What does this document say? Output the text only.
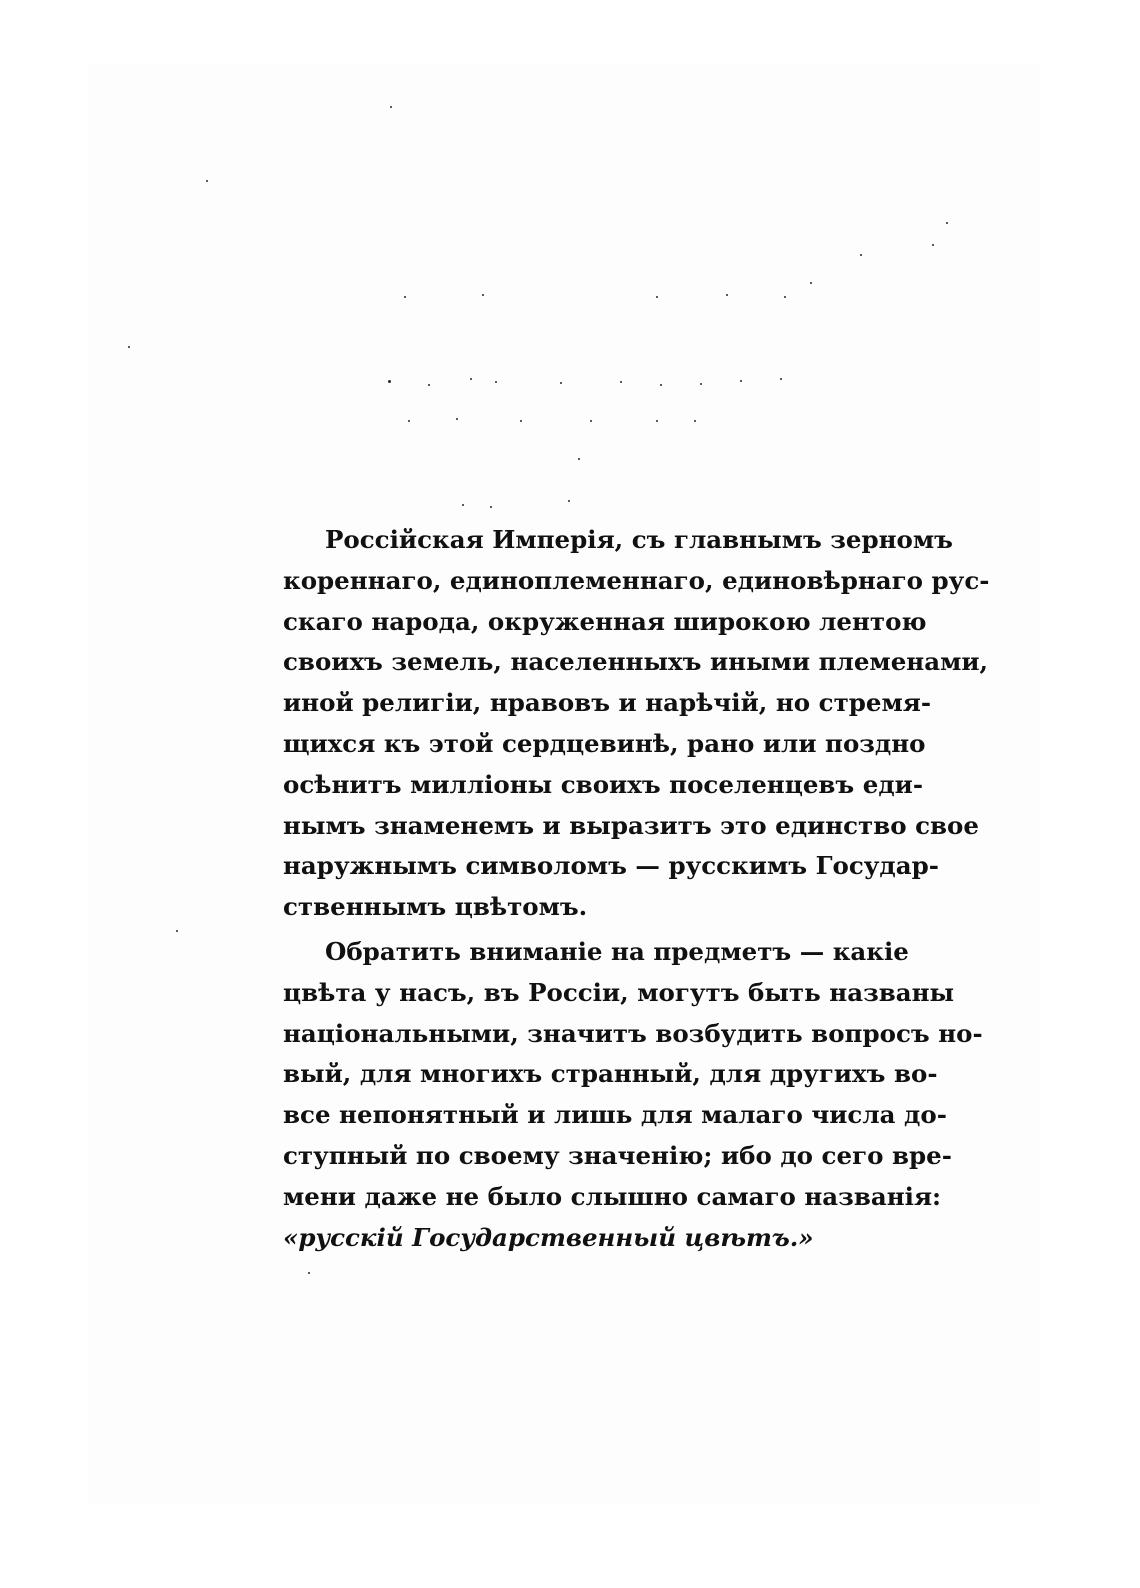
Россійская Имперія, съ главнымъ зерномъ
кореннаго, единоплеменнаго, единовѣрнаго рус-
скаго народа, окруженная широкою лентою
своихъ земель, населенныхъ иными племенами,
иной религіи, нравовъ и нарѣчій, но стремя-
щихся къ этой сердцевинѣ, рано или поздно
осѣнитъ милліоны своихъ поселенцевъ еди-
нымъ знаменемъ и выразитъ это единство свое
наружнымъ символомъ — русскимъ Государ-
ственнымъ цвѣтомъ.

Обратить вниманіе на предметъ — какіе
цвѣта у насъ, въ Россіи, могутъ быть названы
національными, значитъ возбудить вопросъ но-
вый, для многихъ странный, для другихъ во-
все непонятный и лишь для малаго числа до-
ступный по своему значенію; ибо до сего вре-
мени даже не было слышно самаго названія:
«русскій Государственный цвѣтъ.»
